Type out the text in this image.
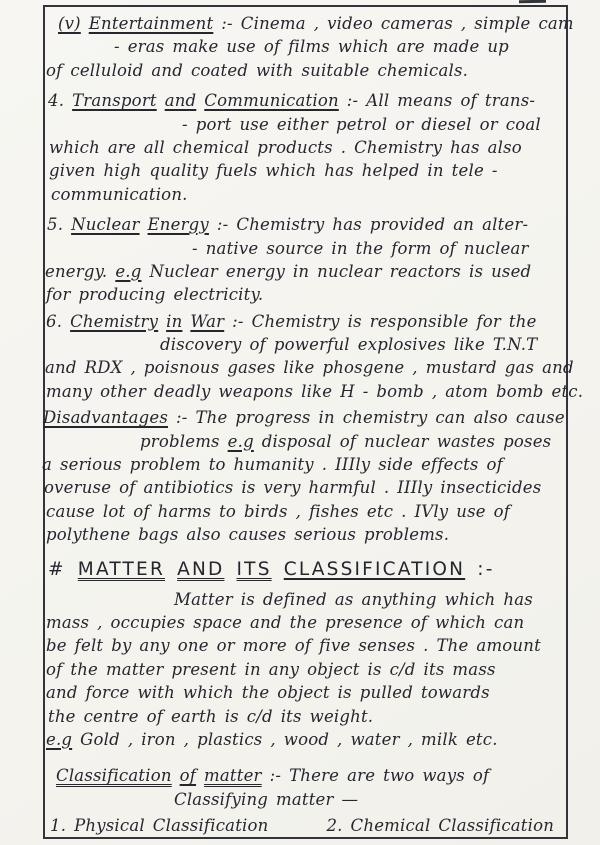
(v) Entertainment :- Cinema , video cameras , simple cam
- eras make use of films which are made up
of celluloid and coated with suitable chemicals.
4. Transport and Communication :- All means of trans-
- port use either petrol or diesel or coal
which are all chemical products . Chemistry has also
given high quality fuels which has helped in tele -
communication.
5. Nuclear Energy :- Chemistry has provided an alter-
- native source in the form of nuclear
energy. e.g Nuclear energy in nuclear reactors is used
for producing electricity.
6. Chemistry in War :- Chemistry is responsible for the
discovery of powerful explosives like T.N.T
and RDX , poisnous gases like phosgene , mustard gas and
many other deadly weapons like H - bomb , atom bomb etc.
Disadvantages :- The progress in chemistry can also cause
problems e.g disposal of nuclear wastes poses
a serious problem to humanity . IIIly side effects of
overuse of antibiotics is very harmful . IIIly insecticides
cause lot of harms to birds , fishes etc . IVly use of
polythene bags also causes serious problems.
# MATTER AND ITS CLASSIFICATION :-
Matter is defined as anything which has
mass , occupies space and the presence of which can
be felt by any one or more of five senses . The amount
of the matter present in any object is c/d its mass
and force with which the object is pulled towards
the centre of earth is c/d its weight.
e.g Gold , iron , plastics , wood , water , milk etc.
Classification of matter :- There are two ways of
Classifying matter —
1. Physical Classification	2. Chemical Classification
